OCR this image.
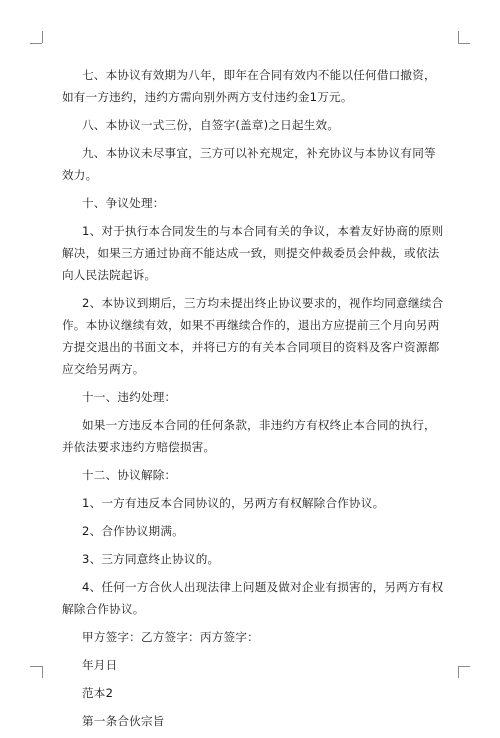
七、本协议有效期为八年，即年在合同有效内不能以任何借口撤资，如有一方违约，违约方需向别外两方支付违约金1万元。

八、本协议一式三份，自签字(盖章)之日起生效。

九、本协议未尽事宜，三方可以补充规定，补充协议与本协议有同等效力。

十、争议处理：

1、对于执行本合同发生的与本合同有关的争议，本着友好协商的原则解决，如果三方通过协商不能达成一致，则提交仲裁委员会仲裁，或依法向人民法院起诉。

2、本协议到期后，三方均未提出终止协议要求的，视作均同意继续合作。本协议继续有效，如果不再继续合作的，退出方应提前三个月向另两方提交退出的书面文本，并将已方的有关本合同项目的资料及客户资源都应交给另两方。

十一、违约处理：

如果一方违反本合同的任何条款，非违约方有权终止本合同的执行，并依法要求违约方赔偿损害。

十二、协议解除：

1、一方有违反本合同协议的，另两方有权解除合作协议。

2、合作协议期满。

3、三方同意终止协议的。

4、任何一方合伙人出现法律上问题及做对企业有损害的，另两方有权解除合作协议。

甲方签字：乙方签字：丙方签字：

年月日

范本2

第一条合伙宗旨
